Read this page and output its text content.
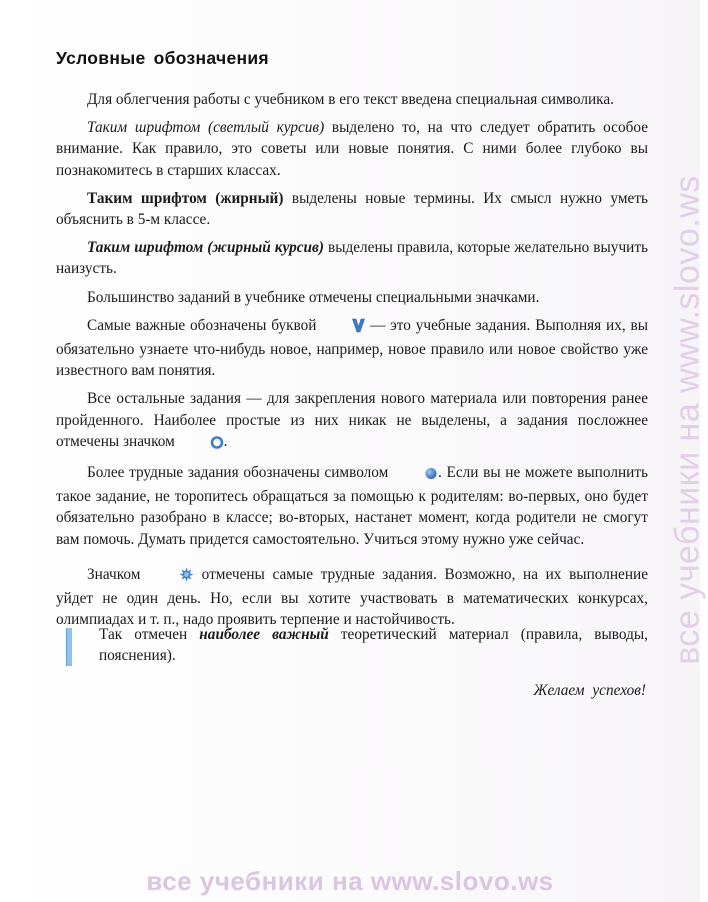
Условные обозначения

Для облегчения работы с учебником в его текст введена специальная символика.

Таким шрифтом (светлый курсив) выделено то, на что следует обратить особое внимание. Как правило, это советы или новые понятия. С ними более глубоко вы познакомитесь в старших классах.

Таким шрифтом (жирный) выделены новые термины. Их смысл нужно уметь объяснить в 5-м классе.

Таким шрифтом (жирный курсив) выделены правила, которые желательно выучить наизусть.

Большинство заданий в учебнике отмечены специальными значками.

Самые важные обозначены буквой	— это учебные задания. Выполняя их, вы обязательно узнаете что-нибудь новое, например, новое правило или новое свойство уже известного вам понятия.

Все остальные задания — для закрепления нового материала или повторения ранее пройденного. Наиболее простые из них никак не выделены, а задания посложнее отмечены значком	.

Более трудные задания обозначены символом	. Если вы не можете выполнить такое задание, не торопитесь обращаться за помощью к родителям: во-первых, оно будет обязательно разобрано в классе; во-вторых, настанет момент, когда родители не смогут вам помочь. Думать придется самостоятельно. Учиться этому нужно уже сейчас.

Значком	отмечены самые трудные задания. Возможно, на их выполнение уйдет не один день. Но, если вы хотите участвовать в математических конкурсах, олимпиадах и т. п., надо проявить терпение и настойчивость.

Так отмечен наиболее важный теоретический материал (правила, выводы, пояснения).
Желаем успехов!
все учебники на www.slovo.ws
все учебники на www.slovo.ws
